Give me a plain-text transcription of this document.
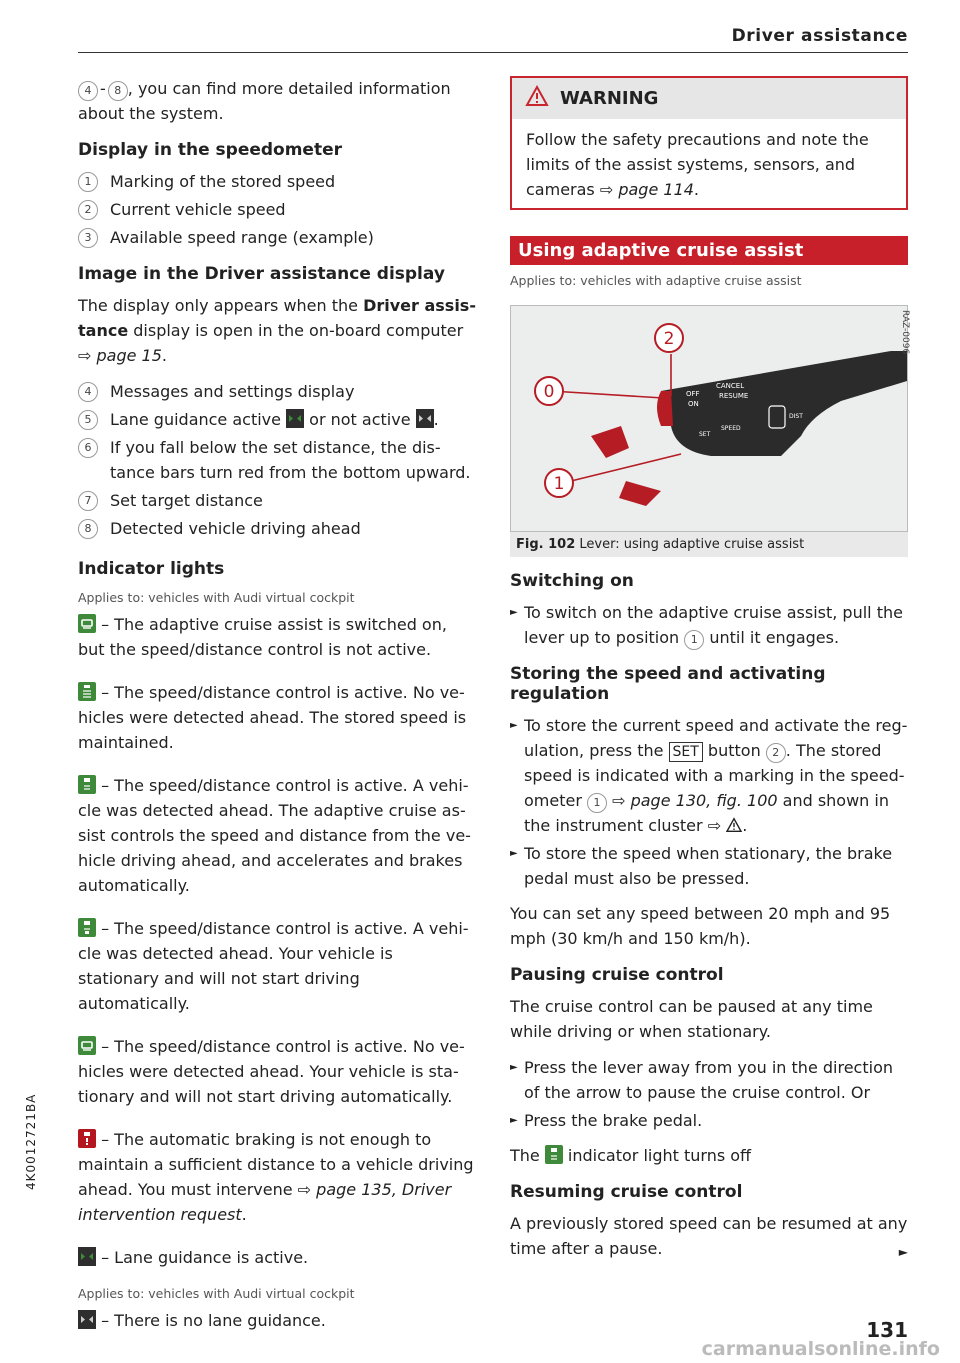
Driver assistance

4 - 8 , you can find more detailed information about the system.

Display in the speedometer
1	Marking of the stored speed
2	Current vehicle speed
3	Available speed range (example)
Image in the Driver assistance display

The display only appears when the Driver assistance display is open in the on-board computer ⇨ page 15.

4	Messages and settings display
5	Lane guidance active  or not active .
6	If you fall below the set distance, the distance bars turn red from the bottom upward.
7	Set target distance
8	Detected vehicle driving ahead
Indicator lights
Applies to: vehicles with Audi virtual cockpit

– The adaptive cruise assist is switched on, but the speed/distance control is not active.

– The speed/distance control is active. No vehicles were detected ahead. The stored speed is maintained.

– The speed/distance control is active. A vehicle was detected ahead. The adaptive cruise assist controls the speed and distance from the vehicle driving ahead, and accelerates and brakes automatically.

– The speed/distance control is active. A vehicle was detected ahead. Your vehicle is stationary and will not start driving automatically.

– The speed/distance control is active. No vehicles were detected ahead. Your vehicle is stationary and will not start driving automatically.

– The automatic braking is not enough to maintain a sufficient distance to a vehicle driving ahead. You must intervene ⇨ page 135, Driver intervention request.

– Lane guidance is active.

Applies to: vehicles with Audi virtual cockpit

– There is no lane guidance.

WARNING

Follow the safety precautions and note the limits of the assist systems, sensors, and cameras ⇨ page 114.

Using adaptive cruise assist
Applies to: vehicles with adaptive cruise assist
OFF
ON
CANCEL
RESUME
SPEED
DIST
SET
2
0
1
RAZ-0096
Fig. 102 Lever: using adaptive cruise assist
Switching on
► To switch on the adaptive cruise assist, pull the lever up to position 1 until it engages.
Storing the speed and activating regulation
► To store the current speed and activate the regulation, press the SET button 2 . The stored speed is indicated with a marking in the speedometer 1 ⇨ page 130, fig. 100 and shown in the instrument cluster ⇨ .
► To store the speed when stationary, the brake pedal must also be pressed.

You can set any speed between 20 mph and 95 mph (30 km/h and 150 km/h).

Pausing cruise control

The cruise control can be paused at any time while driving or when stationary.

► Press the lever away from you in the direction of the arrow to pause the cruise control. Or
► Press the brake pedal.

The
indicator light turns off

Resuming cruise control

A previously stored speed can be resumed at any time after a pause.	►

4K0012721BA
131
carmanualsonline.info
